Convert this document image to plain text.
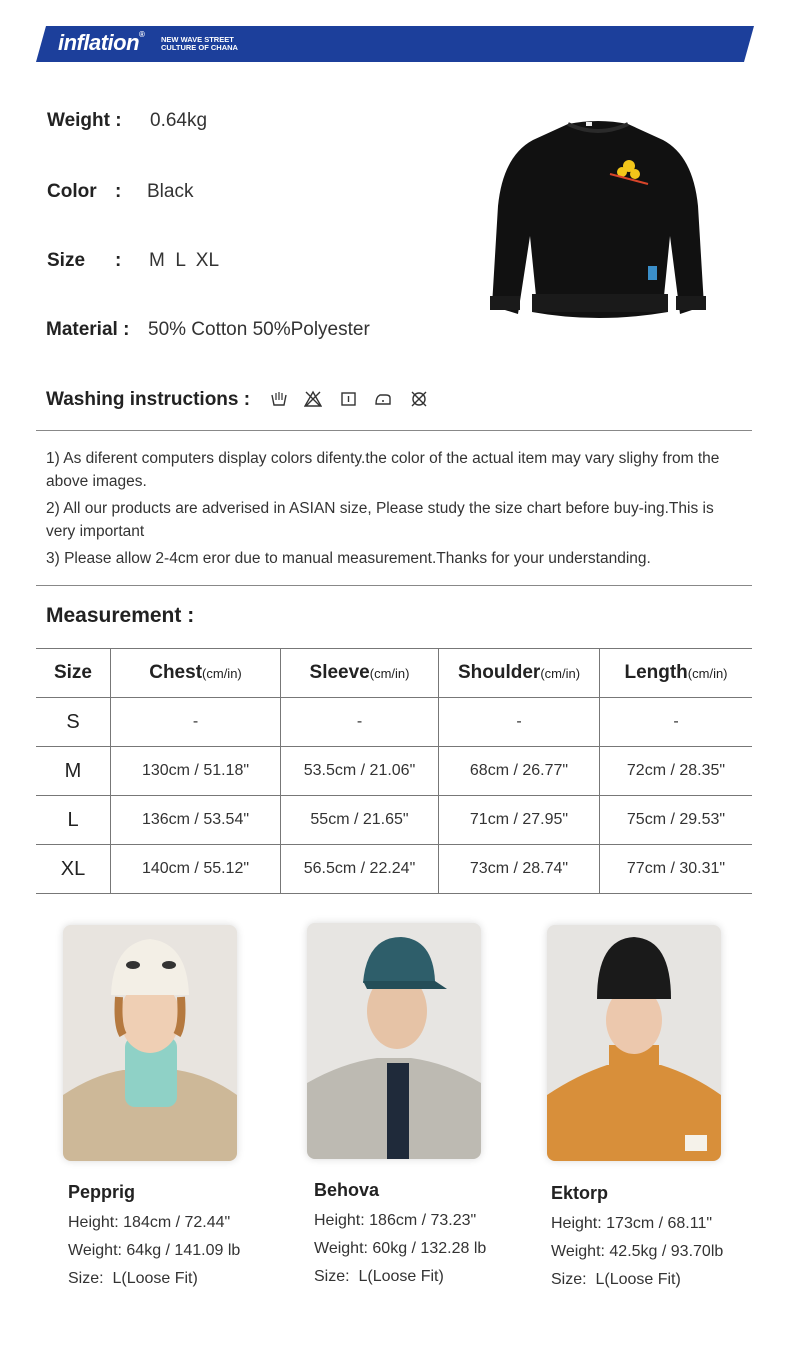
inflation®
NEW WAVE STREET
CULTURE OF CHANA
Weight : 0.64kg
Color : Black
Size : M  L  XL
Material : 50% Cotton 50%Polyester
Washing instructions :

1) As diferent computers display colors difenty.the color of the actual item may vary slighy from the above images.

2) All our products are adverised in ASIAN size, Please study the size chart before buy-ing.This is very important

3) Please allow 2-4cm eror due to manual measurement.Thanks for your understanding.

Measurement :
Size	Chest(cm/in)	Sleeve(cm/in)	Shoulder(cm/in)	Length(cm/in)
S	-	-	-	-
M	130cm / 51.18"	53.5cm / 21.06"	68cm / 26.77"	72cm / 28.35"
L	136cm / 53.54"	55cm / 21.65"	71cm / 27.95"	75cm / 29.53"
XL	140cm / 55.12"	56.5cm / 22.24"	73cm / 28.74"	77cm / 30.31"
Pepprig
Height: 184cm / 72.44"
Weight: 64kg / 141.09 lb
Size:  L(Loose Fit)
Behova
Height: 186cm / 73.23"
Weight: 60kg / 132.28 lb
Size:  L(Loose Fit)
Ektorp
Height: 173cm / 68.11"
Weight: 42.5kg / 93.70lb
Size:  L(Loose Fit)
